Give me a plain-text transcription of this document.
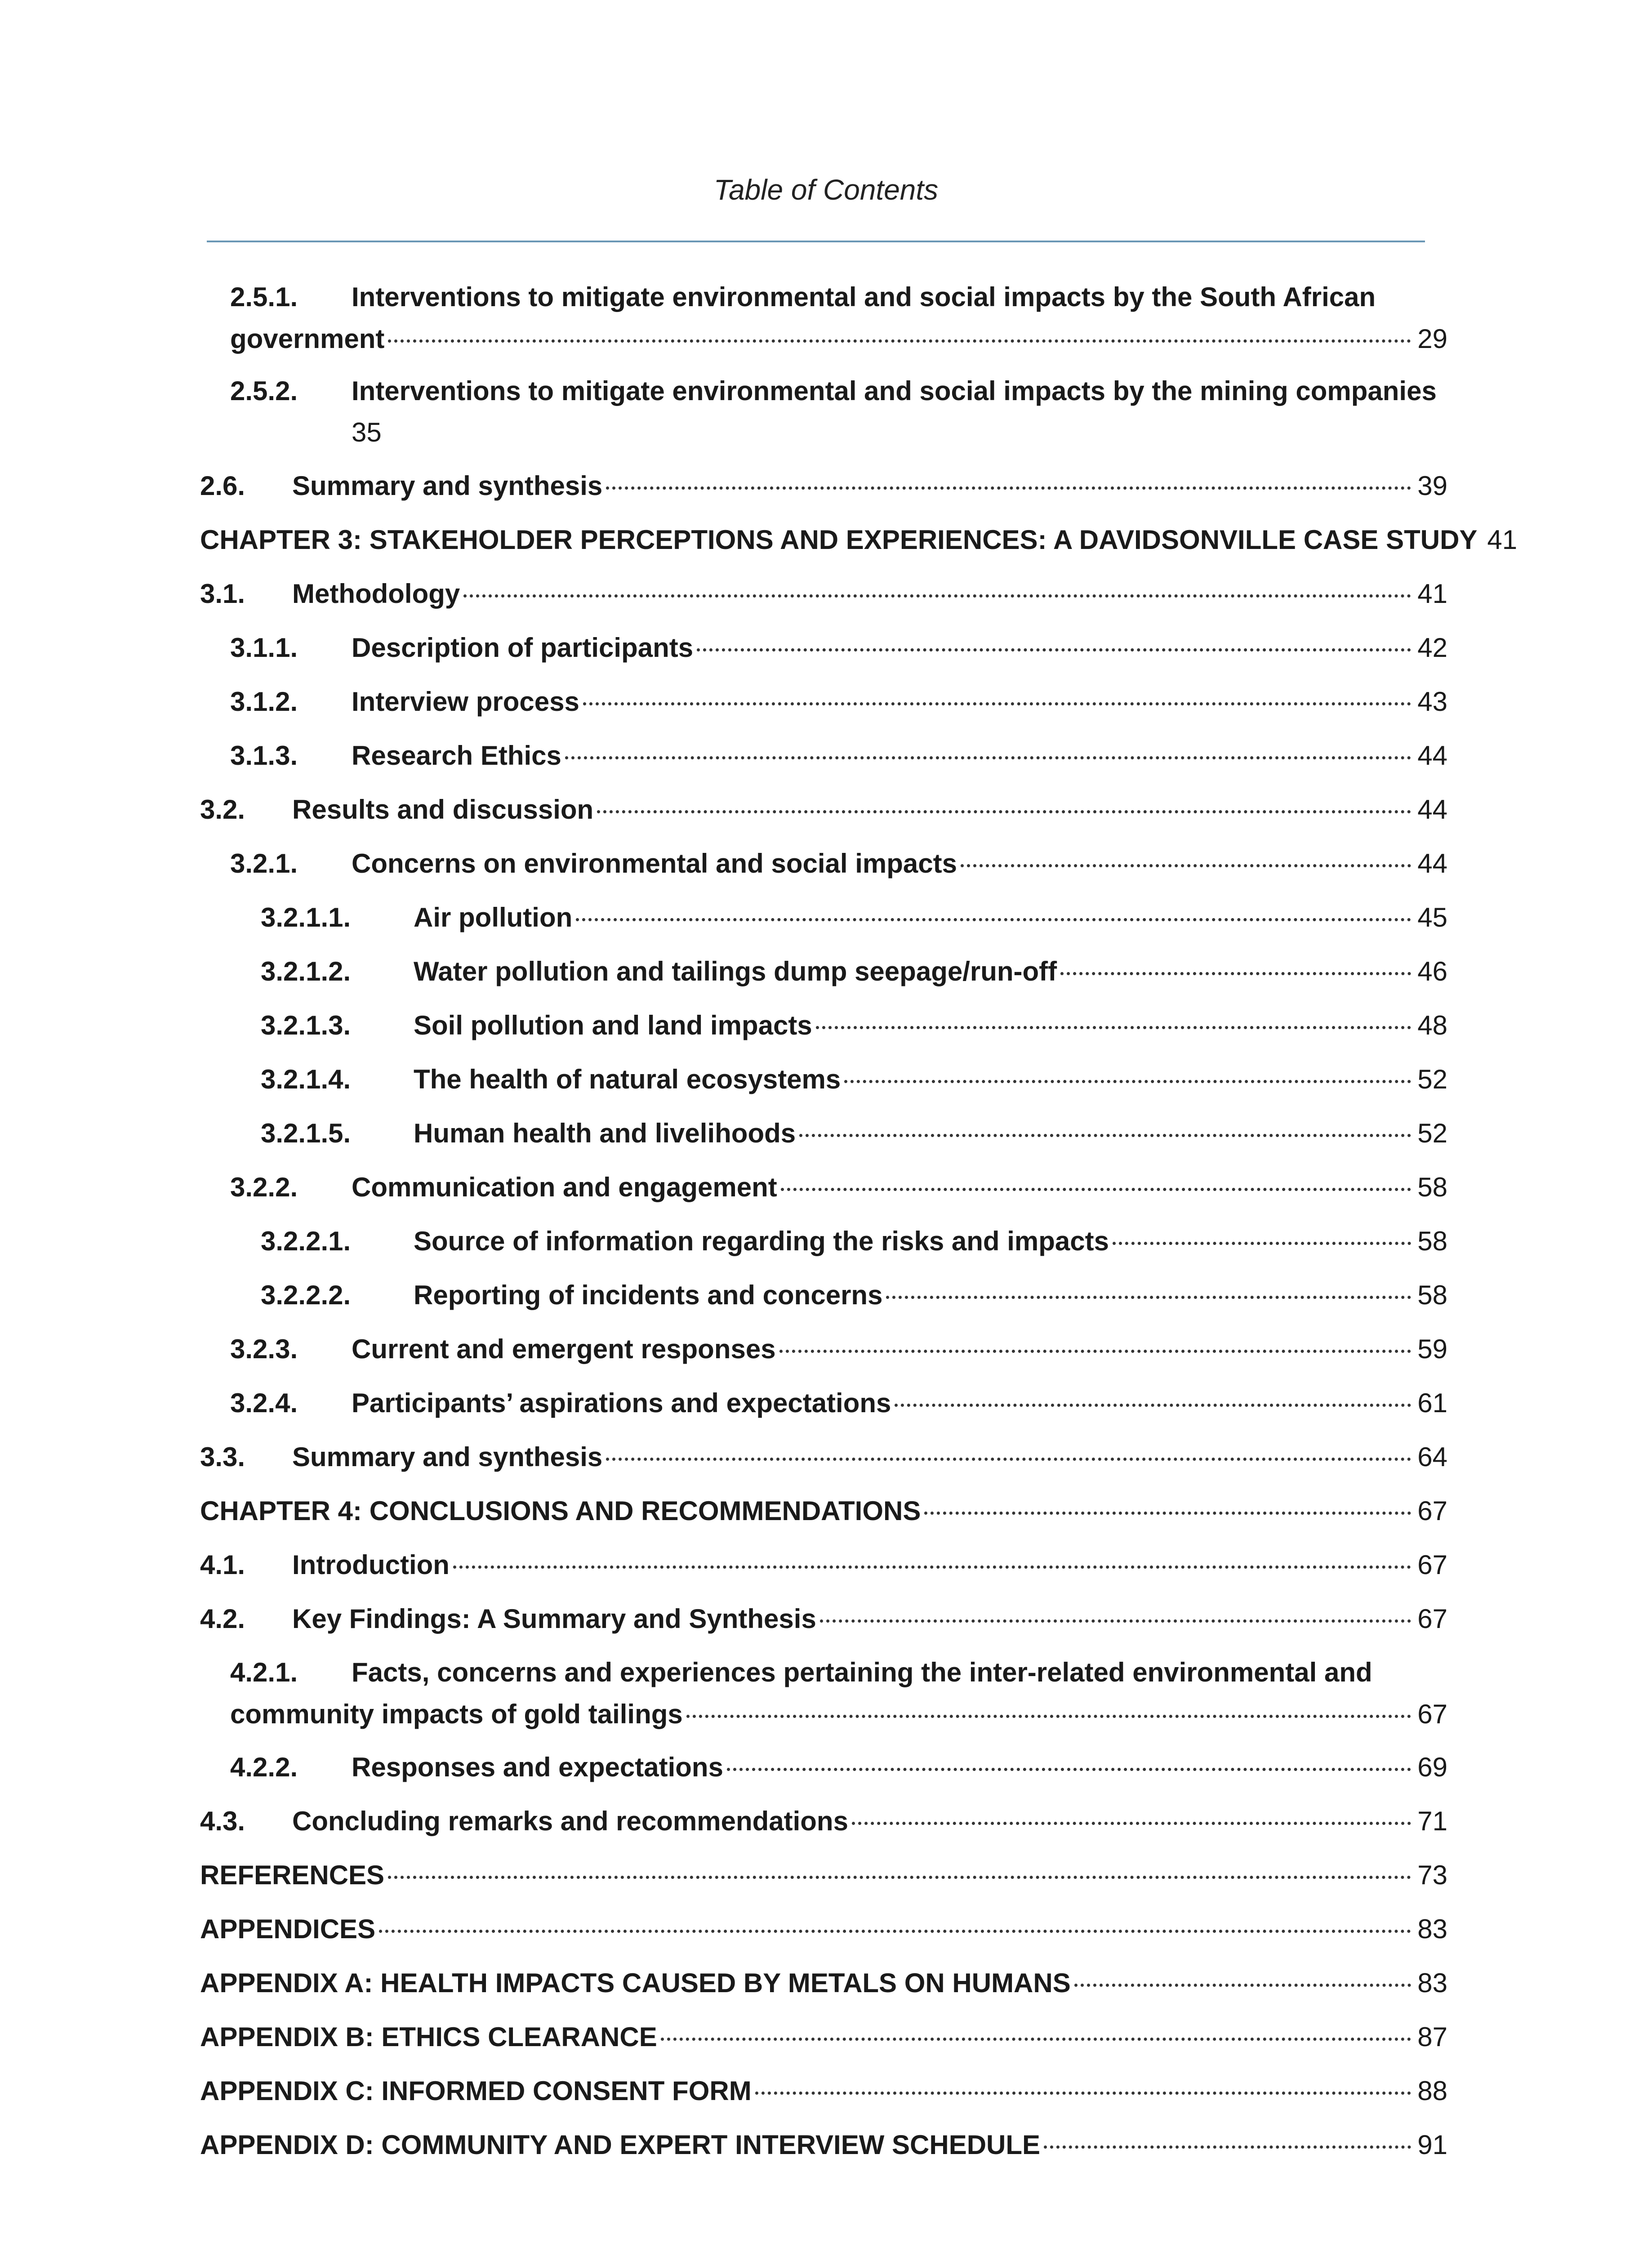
Table of Contents
2.5.1.	Interventions to mitigate environmental and social impacts by the South African
government	29
2.5.2.	Interventions to mitigate environmental and social impacts by the mining companies
35
2.6.	Summary and synthesis	39
CHAPTER 3: STAKEHOLDER PERCEPTIONS AND EXPERIENCES: A DAVIDSONVILLE CASE STUDY 41
3.1.	Methodology	41
3.1.1.	Description of participants	42
3.1.2.	Interview process	43
3.1.3.	Research Ethics	44
3.2.	Results and discussion	44
3.2.1.	Concerns on environmental and social impacts	44
3.2.1.1.	Air pollution	45
3.2.1.2.	Water pollution and tailings dump seepage/run-off	46
3.2.1.3.	Soil pollution and land impacts	48
3.2.1.4.	The health of natural ecosystems	52
3.2.1.5.	Human health and livelihoods	52
3.2.2.	Communication and engagement	58
3.2.2.1.	Source of information regarding the risks and impacts	58
3.2.2.2.	Reporting of incidents and concerns	58
3.2.3.	Current and emergent responses	59
3.2.4.	Participants’ aspirations and expectations	61
3.3.	Summary and synthesis	64
CHAPTER 4: CONCLUSIONS AND RECOMMENDATIONS	67
4.1.	Introduction	67
4.2.	Key Findings: A Summary and Synthesis	67
4.2.1.	Facts, concerns and experiences pertaining the inter-related environmental and
community impacts of gold tailings	67
4.2.2.	Responses and expectations	69
4.3.	Concluding remarks and recommendations	71
REFERENCES	73
APPENDICES	83
APPENDIX A: HEALTH IMPACTS CAUSED BY METALS ON HUMANS	83
APPENDIX B: ETHICS CLEARANCE	87
APPENDIX C: INFORMED CONSENT FORM	88
APPENDIX D: COMMUNITY AND EXPERT INTERVIEW SCHEDULE	91
